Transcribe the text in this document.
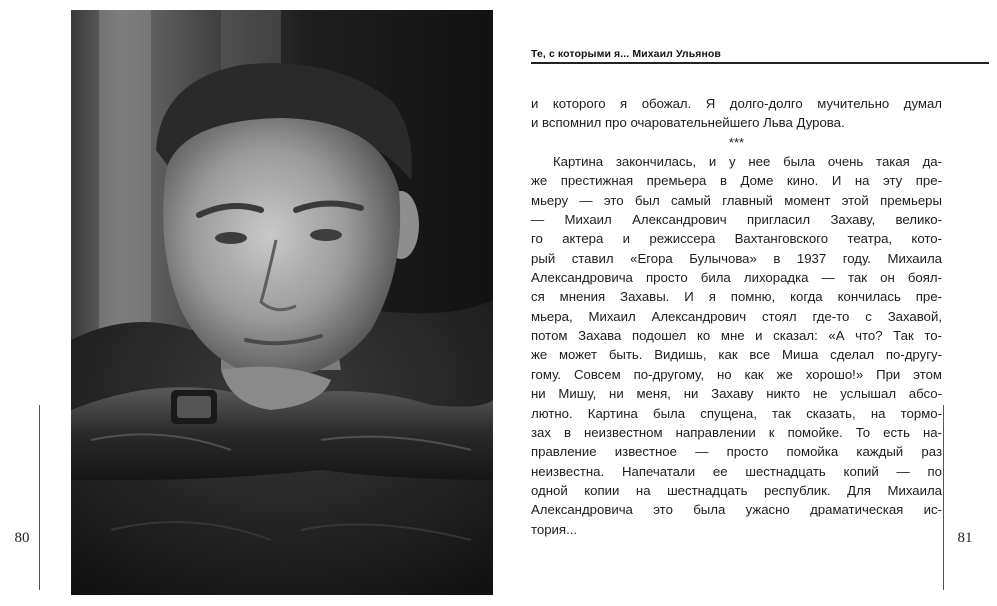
80
Те, с которыми я... Михаил Ульянов
и которого я обожал. Я долго-долго мучительно думал
и вспомнил про очаровательнейшего Льва Дурова.
***
Картина закончилась, и у нее была очень такая да-
же престижная премьера в Доме кино. И на эту пре-
мьеру — это был самый главный момент этой премьеры
— Михаил Александрович пригласил Захаву, велико-
го актера и режиссера Вахтанговского театра, кото-
рый ставил «Егора Булычова» в 1937 году. Михаила
Александровича просто била лихорадка — так он боял-
ся мнения Захавы. И я помню, когда кончилась пре-
мьера, Михаил Александрович стоял где-то с Захавой,
потом Захава подошел ко мне и сказал: «А что? Так то-
же может быть. Видишь, как все Миша сделал по-другу-
гому. Совсем по-другому, но как же хорошо!» При этом
ни Мишу, ни меня, ни Захаву никто не услышал абсо-
лютно. Картина была спущена, так сказать, на тормо-
зах в неизвестном направлении к помойке. То есть на-
правление известное — просто помойка каждый раз
неизвестна. Напечатали ее шестнадцать копий — по
одной копии на шестнадцать республик. Для Михаила
Александровича это была ужасно драматическая ис-
тория...
81
